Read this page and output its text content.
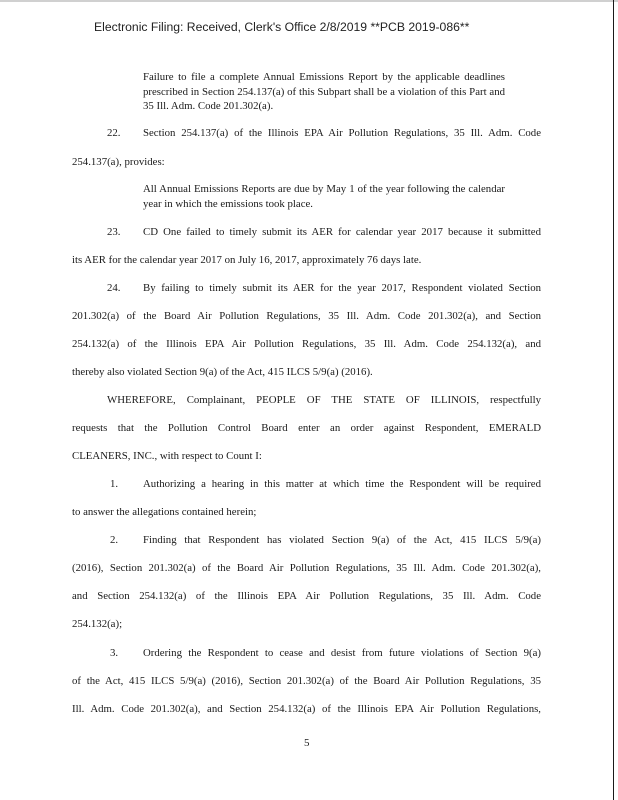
Electronic Filing: Received, Clerk's Office 2/8/2019 **PCB 2019-086**
Failure to file a complete Annual Emissions Report by the applicable deadlines prescribed in Section 254.137(a) of this Subpart shall be a violation of this Part and 35 Ill. Adm. Code 201.302(a).
22. Section 254.137(a) of the Illinois EPA Air Pollution Regulations, 35 Ill. Adm. Code
254.137(a), provides:
All Annual Emissions Reports are due by May 1 of the year following the calendar year in which the emissions took place.
23. CD One failed to timely submit its AER for calendar year 2017 because it submitted
its AER for the calendar year 2017 on July 16, 2017, approximately 76 days late.
24. By failing to timely submit its AER for the year 2017, Respondent violated Section
201.302(a) of the Board Air Pollution Regulations, 35 Ill. Adm. Code 201.302(a), and Section
254.132(a) of the Illinois EPA Air Pollution Regulations, 35 Ill. Adm. Code 254.132(a), and
thereby also violated Section 9(a) of the Act, 415 ILCS 5/9(a) (2016).
WHEREFORE, Complainant, PEOPLE OF THE STATE OF ILLINOIS, respectfully
requests that the Pollution Control Board enter an order against Respondent, EMERALD
CLEANERS, INC., with respect to Count I:
1. Authorizing a hearing in this matter at which time the Respondent will be required
to answer the allegations contained herein;
2. Finding that Respondent has violated Section 9(a) of the Act, 415 ILCS 5/9(a)
(2016), Section 201.302(a) of the Board Air Pollution Regulations, 35 Ill. Adm. Code 201.302(a),
and Section 254.132(a) of the Illinois EPA Air Pollution Regulations, 35 Ill. Adm. Code
254.132(a);
3. Ordering the Respondent to cease and desist from future violations of Section 9(a)
of the Act, 415 ILCS 5/9(a) (2016), Section 201.302(a) of the Board Air Pollution Regulations, 35
Ill. Adm. Code 201.302(a), and Section 254.132(a) of the Illinois EPA Air Pollution Regulations,
5
